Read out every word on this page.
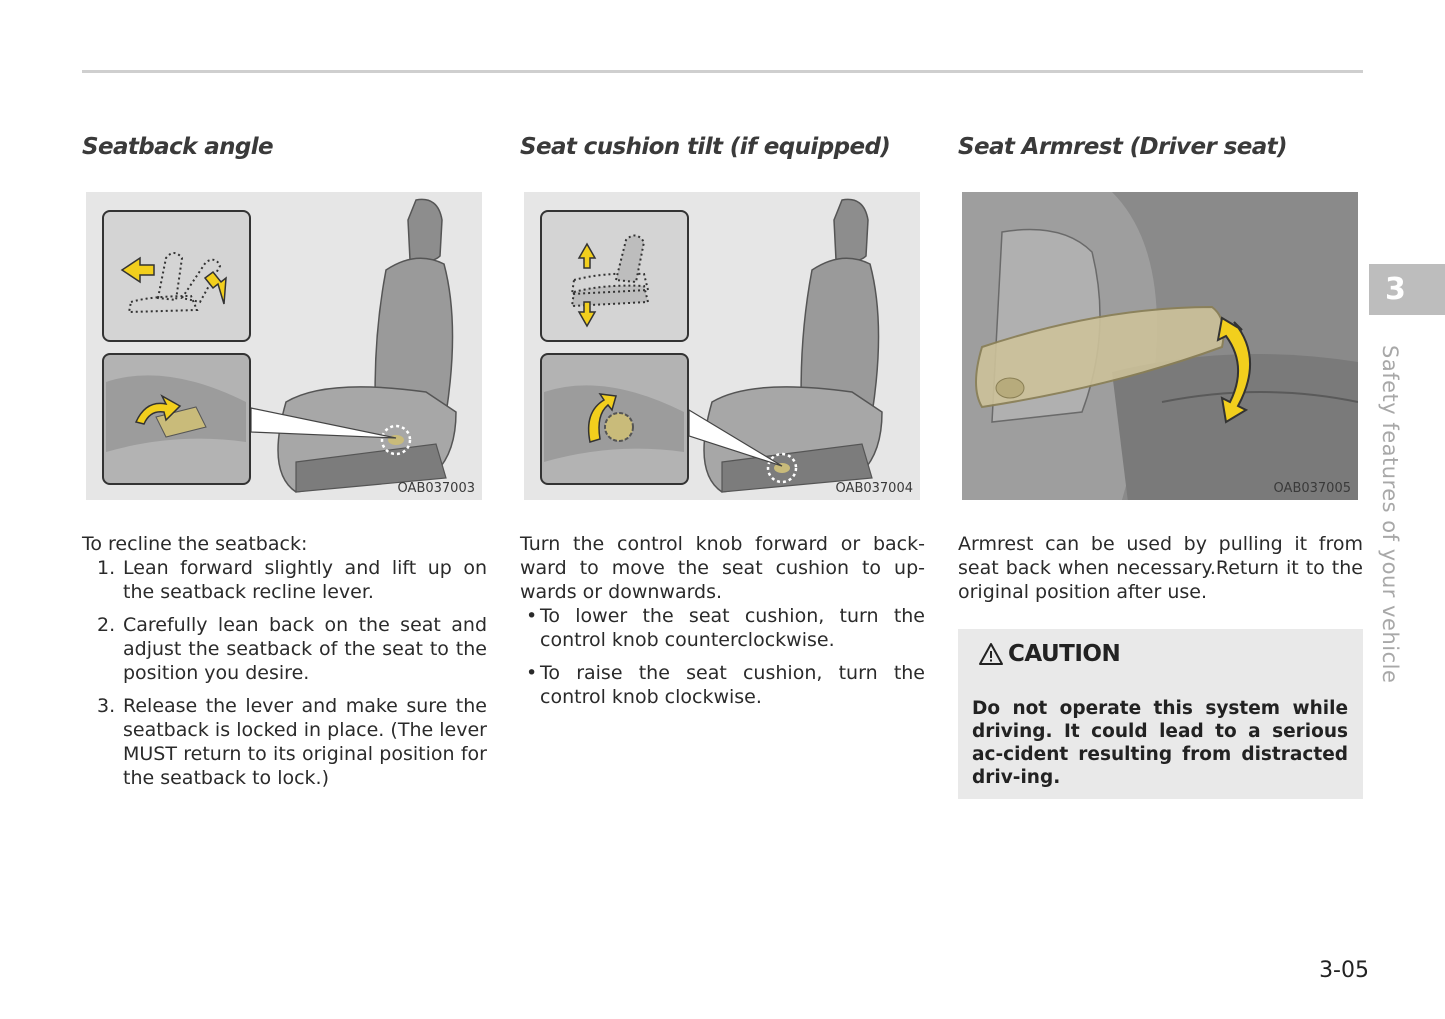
Seatback angle
OAB037003

To recline the seatback:

1. Lean forward slightly and lift up on the seatback recline lever.
2. Carefully lean back on the seat and adjust the seatback of the seat to the position you desire.
3. Release the lever and make sure the seatback is locked in place. (The lever MUST return to its original position for the seatback to lock.)
Seat cushion tilt (if equipped)
OAB037004

Turn the control knob forward or back-ward to move the seat cushion to up-wards or downwards.

• To lower the seat cushion, turn the control knob counterclockwise.
• To raise the seat cushion, turn the control knob clockwise.
Seat Armrest (Driver seat)
OAB037005

Armrest can be used by pulling it from seat back when necessary.Return it to the original position after use.

CAUTION
Do not operate this system while driving. It could lead to a serious ac-cident resulting from distracted driv-ing.
3
Safety features of your vehicle
3-05
